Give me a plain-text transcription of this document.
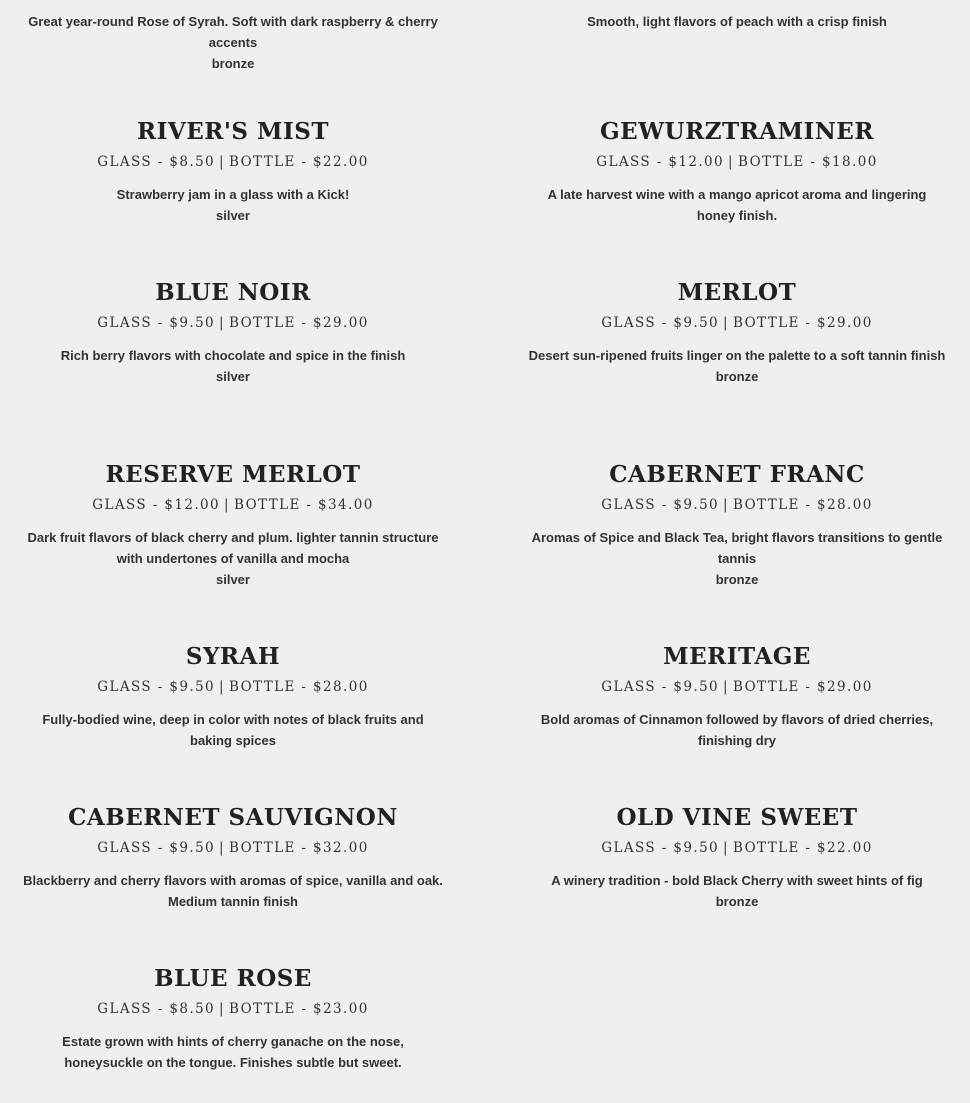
Great year-round Rose of Syrah. Soft with dark raspberry & cherry accents
bronze
RIVER'S MIST
GLASS - $8.50 | BOTTLE - $22.00
Strawberry jam in a glass with a Kick!
silver
BLUE NOIR
GLASS - $9.50 | BOTTLE - $29.00
Rich berry flavors with chocolate and spice in the finish
silver
RESERVE MERLOT
GLASS - $12.00 | BOTTLE - $34.00
Dark fruit flavors of black cherry and plum. lighter tannin structure with undertones of vanilla and mocha
silver
SYRAH
GLASS - $9.50 | BOTTLE - $28.00
Fully-bodied wine, deep in color with notes of black fruits and baking spices
CABERNET SAUVIGNON
GLASS - $9.50 | BOTTLE - $32.00
Blackberry and cherry flavors with aromas of spice, vanilla and oak. Medium tannin finish
BLUE ROSE
GLASS - $8.50 | BOTTLE - $23.00
Estate grown with hints of cherry ganache on the nose, honeysuckle on the tongue. Finishes subtle but sweet.
Smooth, light flavors of peach with a crisp finish
GEWURZTRAMINER
GLASS - $12.00 | BOTTLE - $18.00
A late harvest wine with a mango apricot aroma and lingering honey finish.
MERLOT
GLASS - $9.50 | BOTTLE - $29.00
Desert sun-ripened fruits linger on the palette to a soft tannin finish
bronze
CABERNET FRANC
GLASS - $9.50 | BOTTLE - $28.00
Aromas of Spice and Black Tea, bright flavors transitions to gentle tannis
bronze
MERITAGE
GLASS - $9.50 | BOTTLE - $29.00
Bold aromas of Cinnamon followed by flavors of dried cherries, finishing dry
OLD VINE SWEET
GLASS - $9.50 | BOTTLE - $22.00
A winery tradition - bold Black Cherry with sweet hints of fig
bronze
